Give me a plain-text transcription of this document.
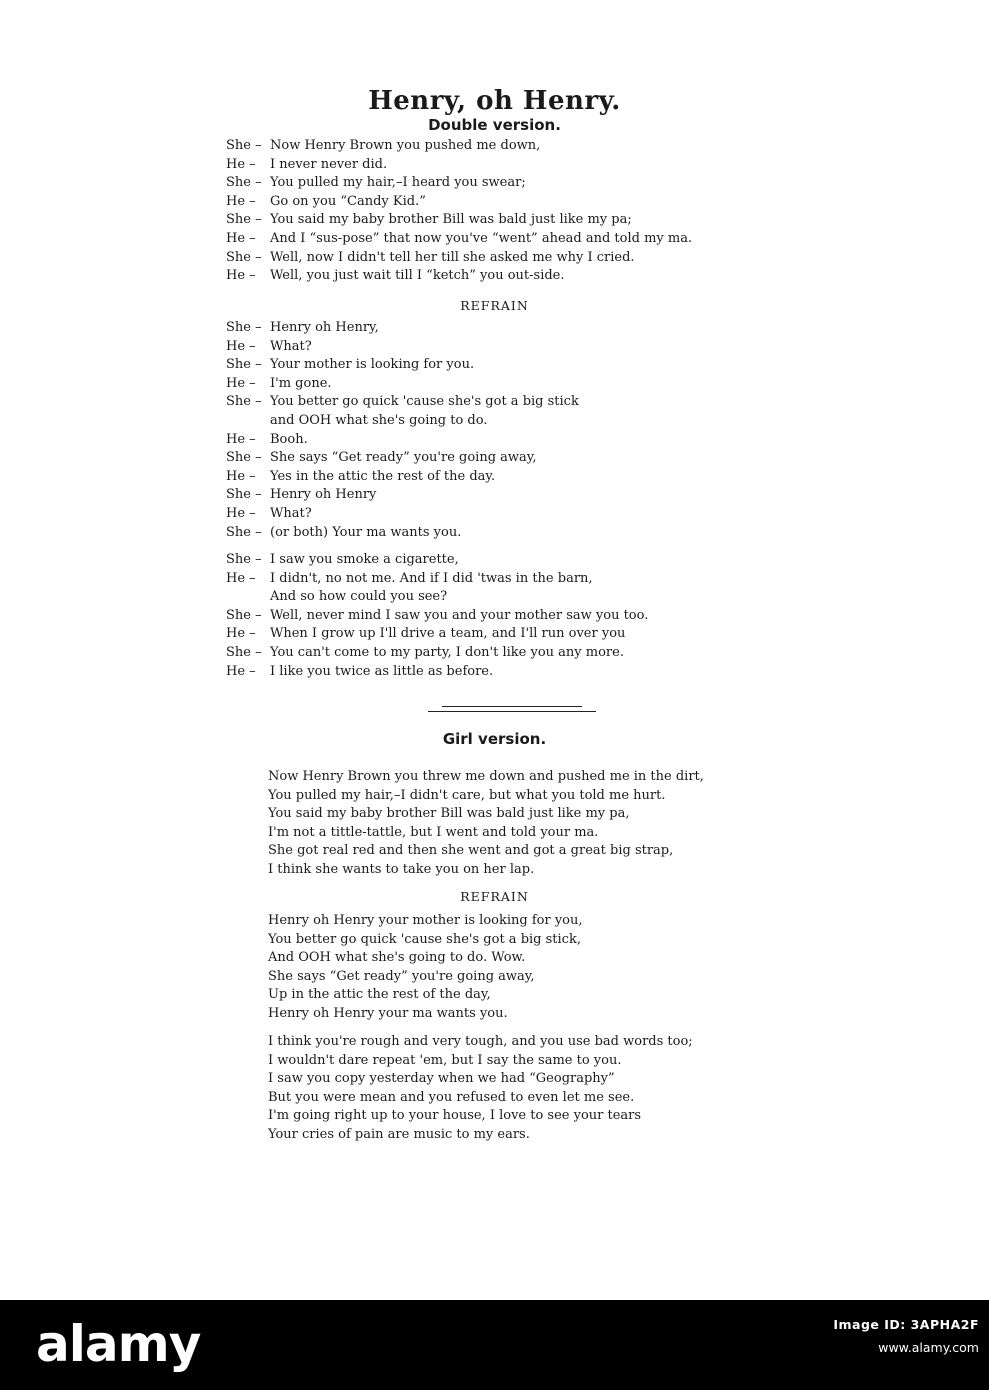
Henry, oh Henry.
Double version.
She – Now Henry Brown you pushed me down,
He – I never never did.
She – You pulled my hair,–I heard you swear;
He – Go on you “Candy Kid.”
She – You said my baby brother Bill was bald just like my pa;
He – And I “sus-pose” that now you've “went” ahead and told my ma.
She – Well, now I didn't tell her till she asked me why I cried.
He – Well, you just wait till I “ketch” you out-side.
REFRAIN
She – Henry oh Henry,
He – What?
She – Your mother is looking for you.
He – I'm gone.
She – You better go quick 'cause she's got a big stick
and OOH what she's going to do.
He – Booh.
She – She says “Get ready” you're going away,
He – Yes in the attic the rest of the day.
She – Henry oh Henry
He – What?
She – (or both) Your ma wants you.
She – I saw you smoke a cigarette,
He – I didn't, no not me. And if I did 'twas in the barn,
And so how could you see?
She – Well, never mind I saw you and your mother saw you too.
He – When I grow up I'll drive a team, and I'll run over you
She – You can't come to my party, I don't like you any more.
He – I like you twice as little as before.
Girl version.
Now Henry Brown you threw me down and pushed me in the dirt,
You pulled my hair,–I didn't care, but what you told me hurt.
You said my baby brother Bill was bald just like my pa,
I'm not a tittle-tattle, but I went and told your ma.
She got real red and then she went and got a great big strap,
I think she wants to take you on her lap.
REFRAIN
Henry oh Henry your mother is looking for you,
You better go quick 'cause she's got a big stick,
And OOH what she's going to do. Wow.
She says “Get ready” you're going away,
Up in the attic the rest of the day,
Henry oh Henry your ma wants you.
I think you're rough and very tough, and you use bad words too;
I wouldn't dare repeat 'em, but I say the same to you.
I saw you copy yesterday when we had “Geography”
But you were mean and you refused to even let me see.
I'm going right up to your house, I love to see your tears
Your cries of pain are music to my ears.
alamy	Image ID: 3APHA2F
www.alamy.com
